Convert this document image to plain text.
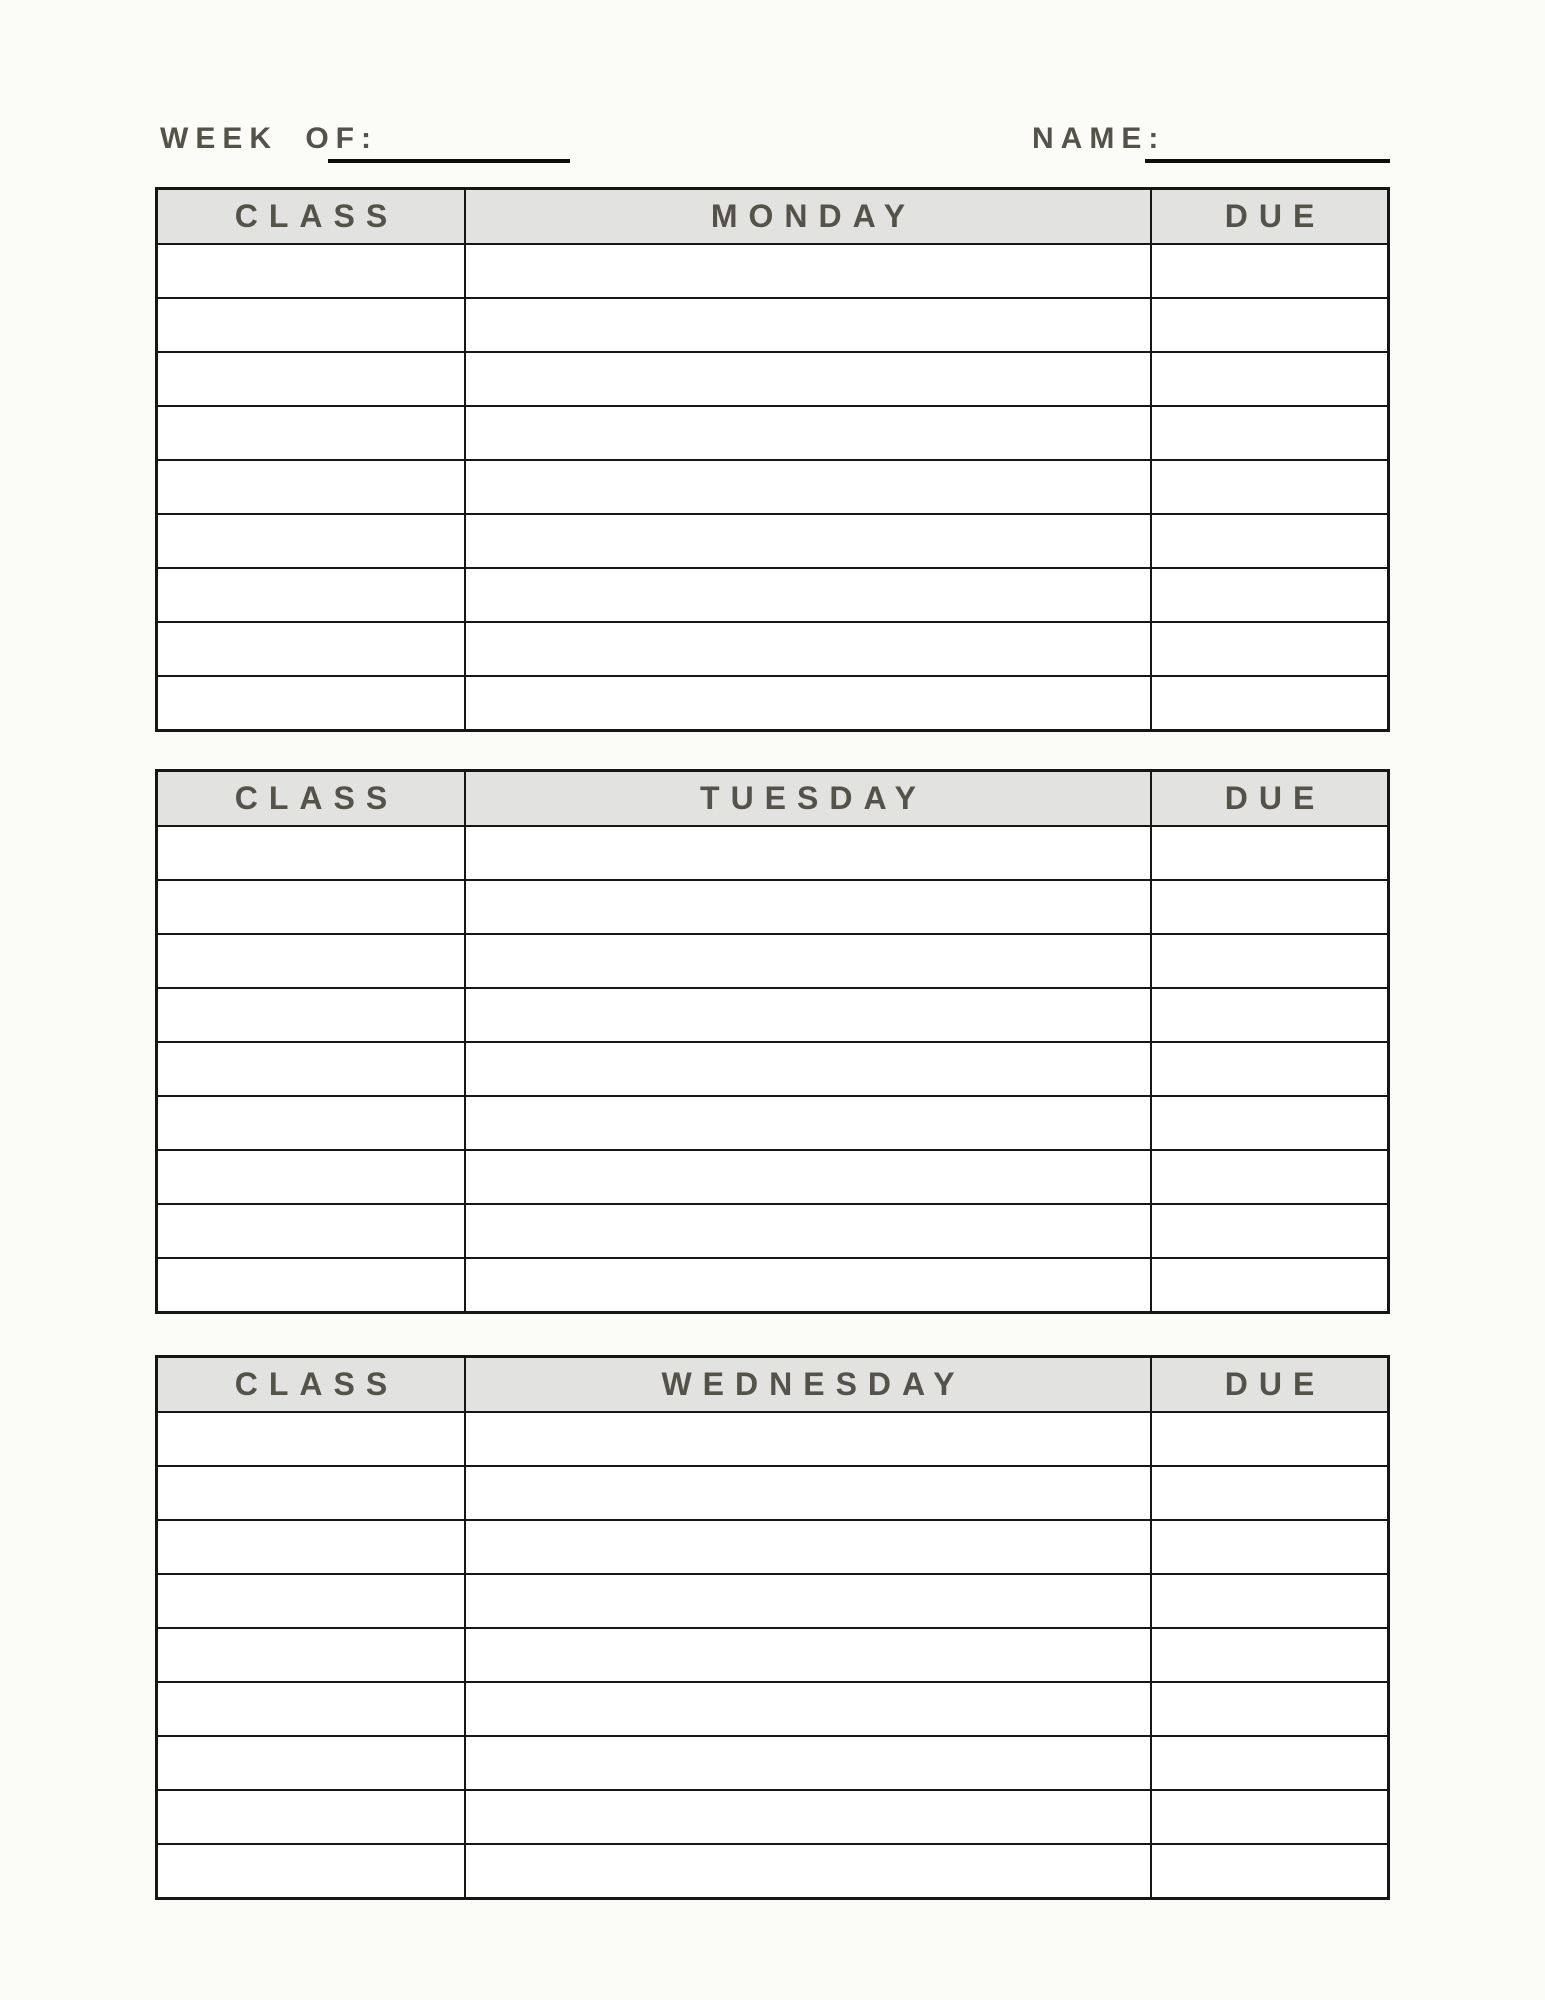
WEEK OF:	NAME:
CLASS	MONDAY	DUE
CLASS	TUESDAY	DUE
CLASS	WEDNESDAY	DUE
